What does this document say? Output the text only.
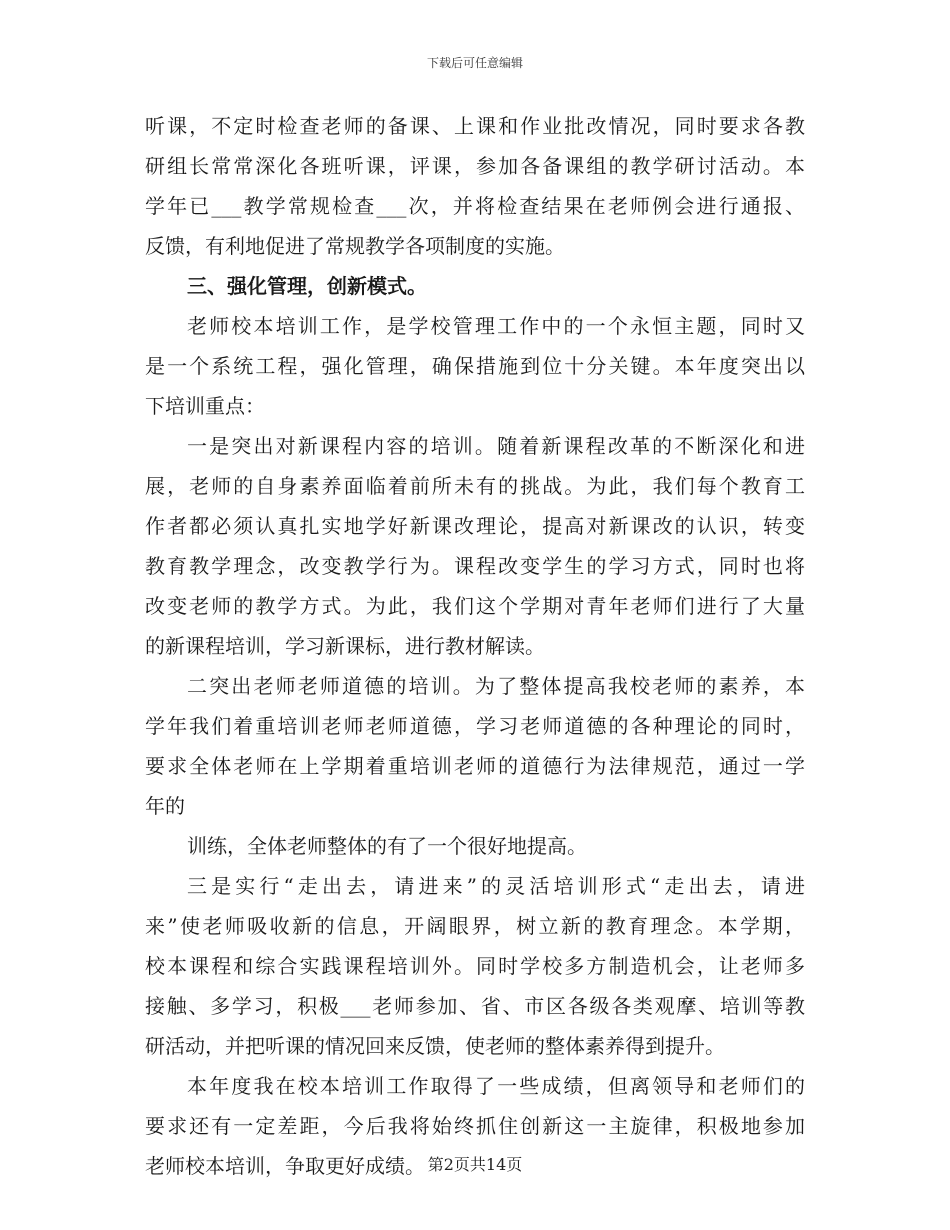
下载后可任意编辑
听课，不定时检查老师的备课、上课和作业批改情况，同时要求各教
研组长常常深化各班听课，评课，参加各备课组的教学研讨活动。本
学年已___教学常规检查___次，并将检查结果在老师例会进行通报、
反馈，有利地促进了常规教学各项制度的实施。
三、强化管理，创新模式。
老师校本培训工作，是学校管理工作中的一个永恒主题，同时又
是一个系统工程，强化管理，确保措施到位十分关键。本年度突出以
下培训重点：
一是突出对新课程内容的培训。随着新课程改革的不断深化和进
展，老师的自身素养面临着前所未有的挑战。为此，我们每个教育工
作者都必须认真扎实地学好新课改理论，提高对新课改的认识，转变
教育教学理念，改变教学行为。课程改变学生的学习方式，同时也将
改变老师的教学方式。为此，我们这个学期对青年老师们进行了大量
的新课程培训，学习新课标，进行教材解读。
二突出老师老师道德的培训。为了整体提高我校老师的素养，本
学年我们着重培训老师老师道德，学习老师道德的各种理论的同时，
要求全体老师在上学期着重培训老师的道德行为法律规范，通过一学
年的
训练，全体老师整体的有了一个很好地提高。
三是实行“走出去，请进来”的灵活培训形式“走出去，请进
来”使老师吸收新的信息，开阔眼界，树立新的教育理念。本学期，
校本课程和综合实践课程培训外。同时学校多方制造机会，让老师多
接触、多学习，积极___老师参加、省、市区各级各类观摩、培训等教
研活动，并把听课的情况回来反馈，使老师的整体素养得到提升。
本年度我在校本培训工作取得了一些成绩，但离领导和老师们的
要求还有一定差距，今后我将始终抓住创新这一主旋律，积极地参加
老师校本培训，争取更好成绩。 第2页共14页
